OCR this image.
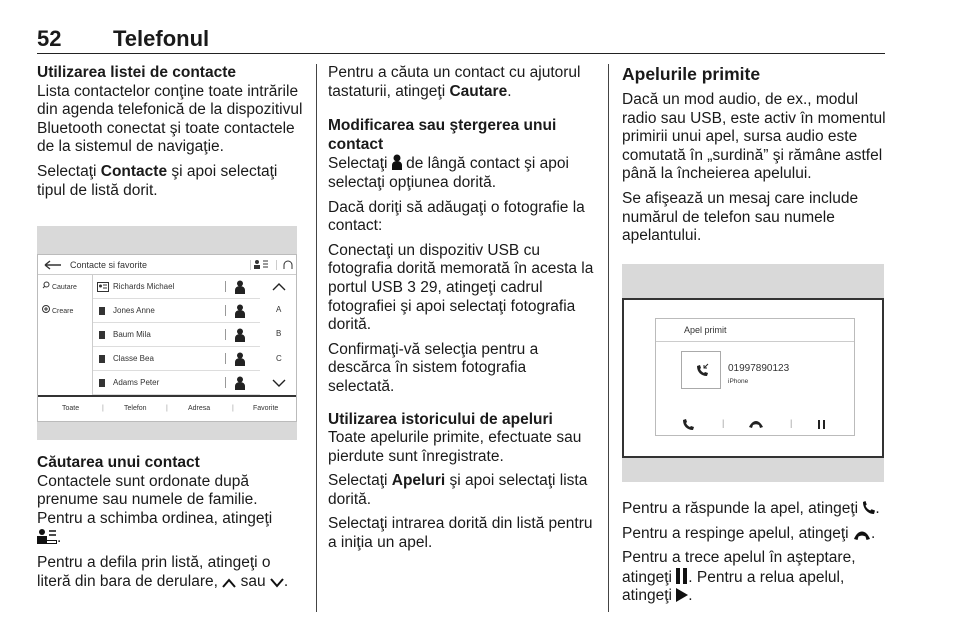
52 Telefonul
Utilizarea listei de contacte

Lista contactelor conţine toate intrările din agenda telefonică de la dispozitivul Bluetooth conectat şi toate contactele de la sistemul de navigaţie.

Selectaţi Contacte şi apoi selectaţi tipul de listă dorit.

Contacte si favorite
Cautare
Creare
Richards Michael
Jones Anne
Baum Mila
Classe Bea
Adams Peter
A
B
C
Toate	|	Telefon	|	Adresa	|	Favorite
Căutarea unui contact

Contactele sunt ordonate după prenume sau numele de familie. Pentru a schimba ordinea, atingeţi
.

Pentru a defila prin listă, atingeţi o literă din bara de derulare,  sau .

Pentru a căuta un contact cu ajutorul tastaturii, atingeţi Cautare.

Modificarea sau ştergerea unui contact

Selectaţi  de lângă contact şi apoi selectaţi opţiunea dorită.

Dacă doriţi să adăugaţi o fotografie la contact:

Conectaţi un dispozitiv USB cu fotografia dorită memorată în acesta la portul USB 3 29, atingeţi cadrul fotografiei şi apoi selectaţi fotografia dorită.

Confirmaţi-vă selecţia pentru a descărca în sistem fotografia selectată.

Utilizarea istoricului de apeluri

Toate apelurile primite, efectuate sau pierdute sunt înregistrate.

Selectaţi Apeluri şi apoi selectaţi lista dorită.

Selectaţi intrarea dorită din listă pentru a iniţia un apel.

Apelurile primite

Dacă un mod audio, de ex., modul radio sau USB, este activ în momentul primirii unui apel, sursa audio este comutată în „surdină” şi rămâne astfel până la încheierea apelului.

Se afişează un mesaj care include numărul de telefon sau numele apelantului.

Apel primit
01997890123
iPhone
|	|

Pentru a răspunde la apel, atingeţi .

Pentru a respinge apelul, atingeţi .

Pentru a trece apelul în aşteptare, atingeţi . Pentru a relua apelul, atingeţi .
